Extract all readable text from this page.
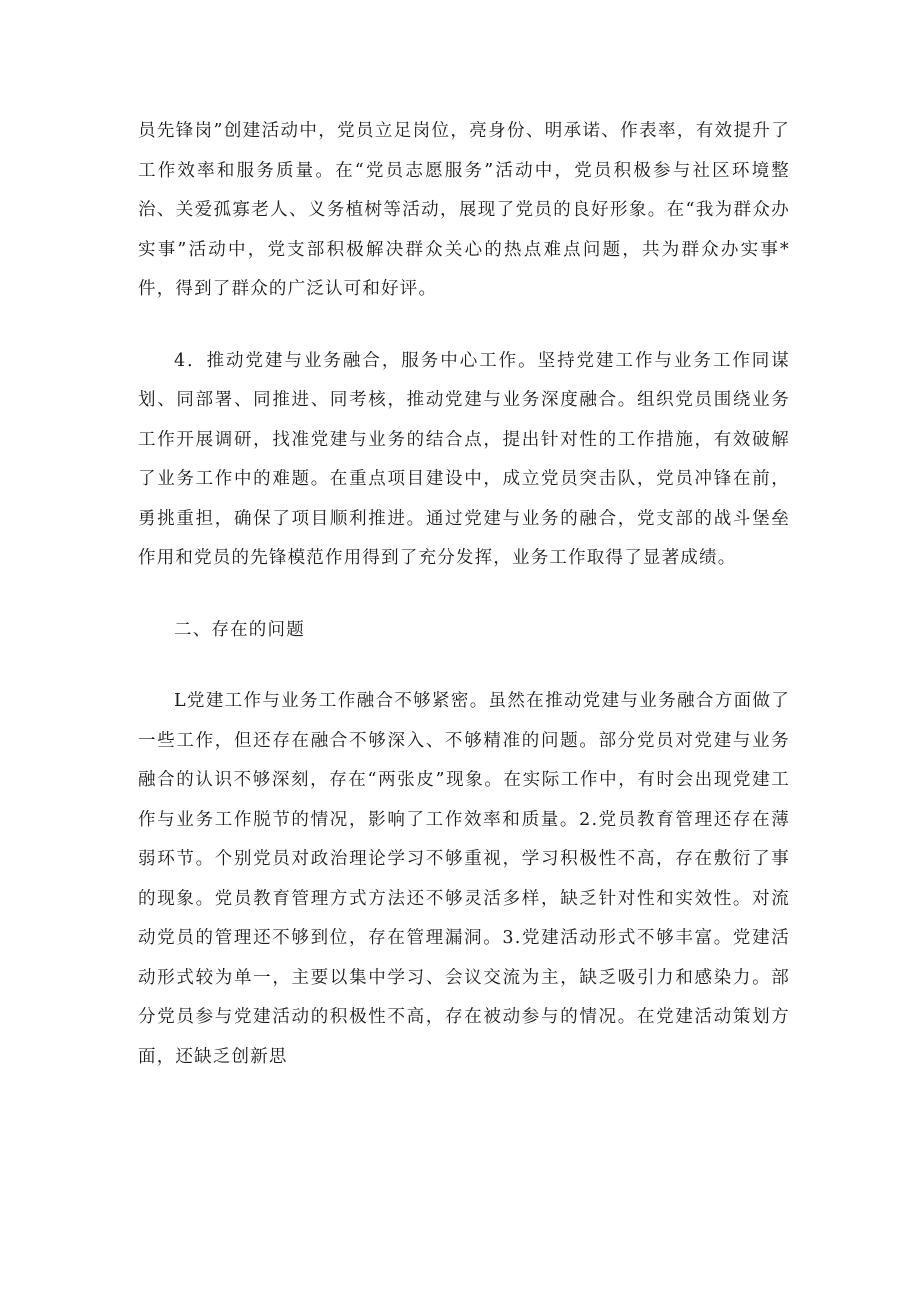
员先锋岗”创建活动中，党员立足岗位，亮身份、明承诺、作表率，有效提升了工作效率和服务质量。在“党员志愿服务”活动中，党员积极参与社区环境整治、关爱孤寡老人、义务植树等活动，展现了党员的良好形象。在“我为群众办实事”活动中，党支部积极解决群众关心的热点难点问题，共为群众办实事*件，得到了群众的广泛认可和好评。

4．推动党建与业务融合，服务中心工作。坚持党建工作与业务工作同谋划、同部署、同推进、同考核，推动党建与业务深度融合。组织党员围绕业务工作开展调研，找准党建与业务的结合点，提出针对性的工作措施，有效破解了业务工作中的难题。在重点项目建设中，成立党员突击队，党员冲锋在前，勇挑重担，确保了项目顺利推进。通过党建与业务的融合，党支部的战斗堡垒作用和党员的先锋模范作用得到了充分发挥，业务工作取得了显著成绩。

二、存在的问题

L党建工作与业务工作融合不够紧密。虽然在推动党建与业务融合方面做了一些工作，但还存在融合不够深入、不够精准的问题。部分党员对党建与业务融合的认识不够深刻，存在“两张皮”现象。在实际工作中，有时会出现党建工作与业务工作脱节的情况，影响了工作效率和质量。2.党员教育管理还存在薄弱环节。个别党员对政治理论学习不够重视，学习积极性不高，存在敷衍了事的现象。党员教育管理方式方法还不够灵活多样，缺乏针对性和实效性。对流动党员的管理还不够到位，存在管理漏洞。3.党建活动形式不够丰富。党建活动形式较为单一，主要以集中学习、会议交流为主，缺乏吸引力和感染力。部分党员参与党建活动的积极性不高，存在被动参与的情况。在党建活动策划方面，还缺乏创新思
